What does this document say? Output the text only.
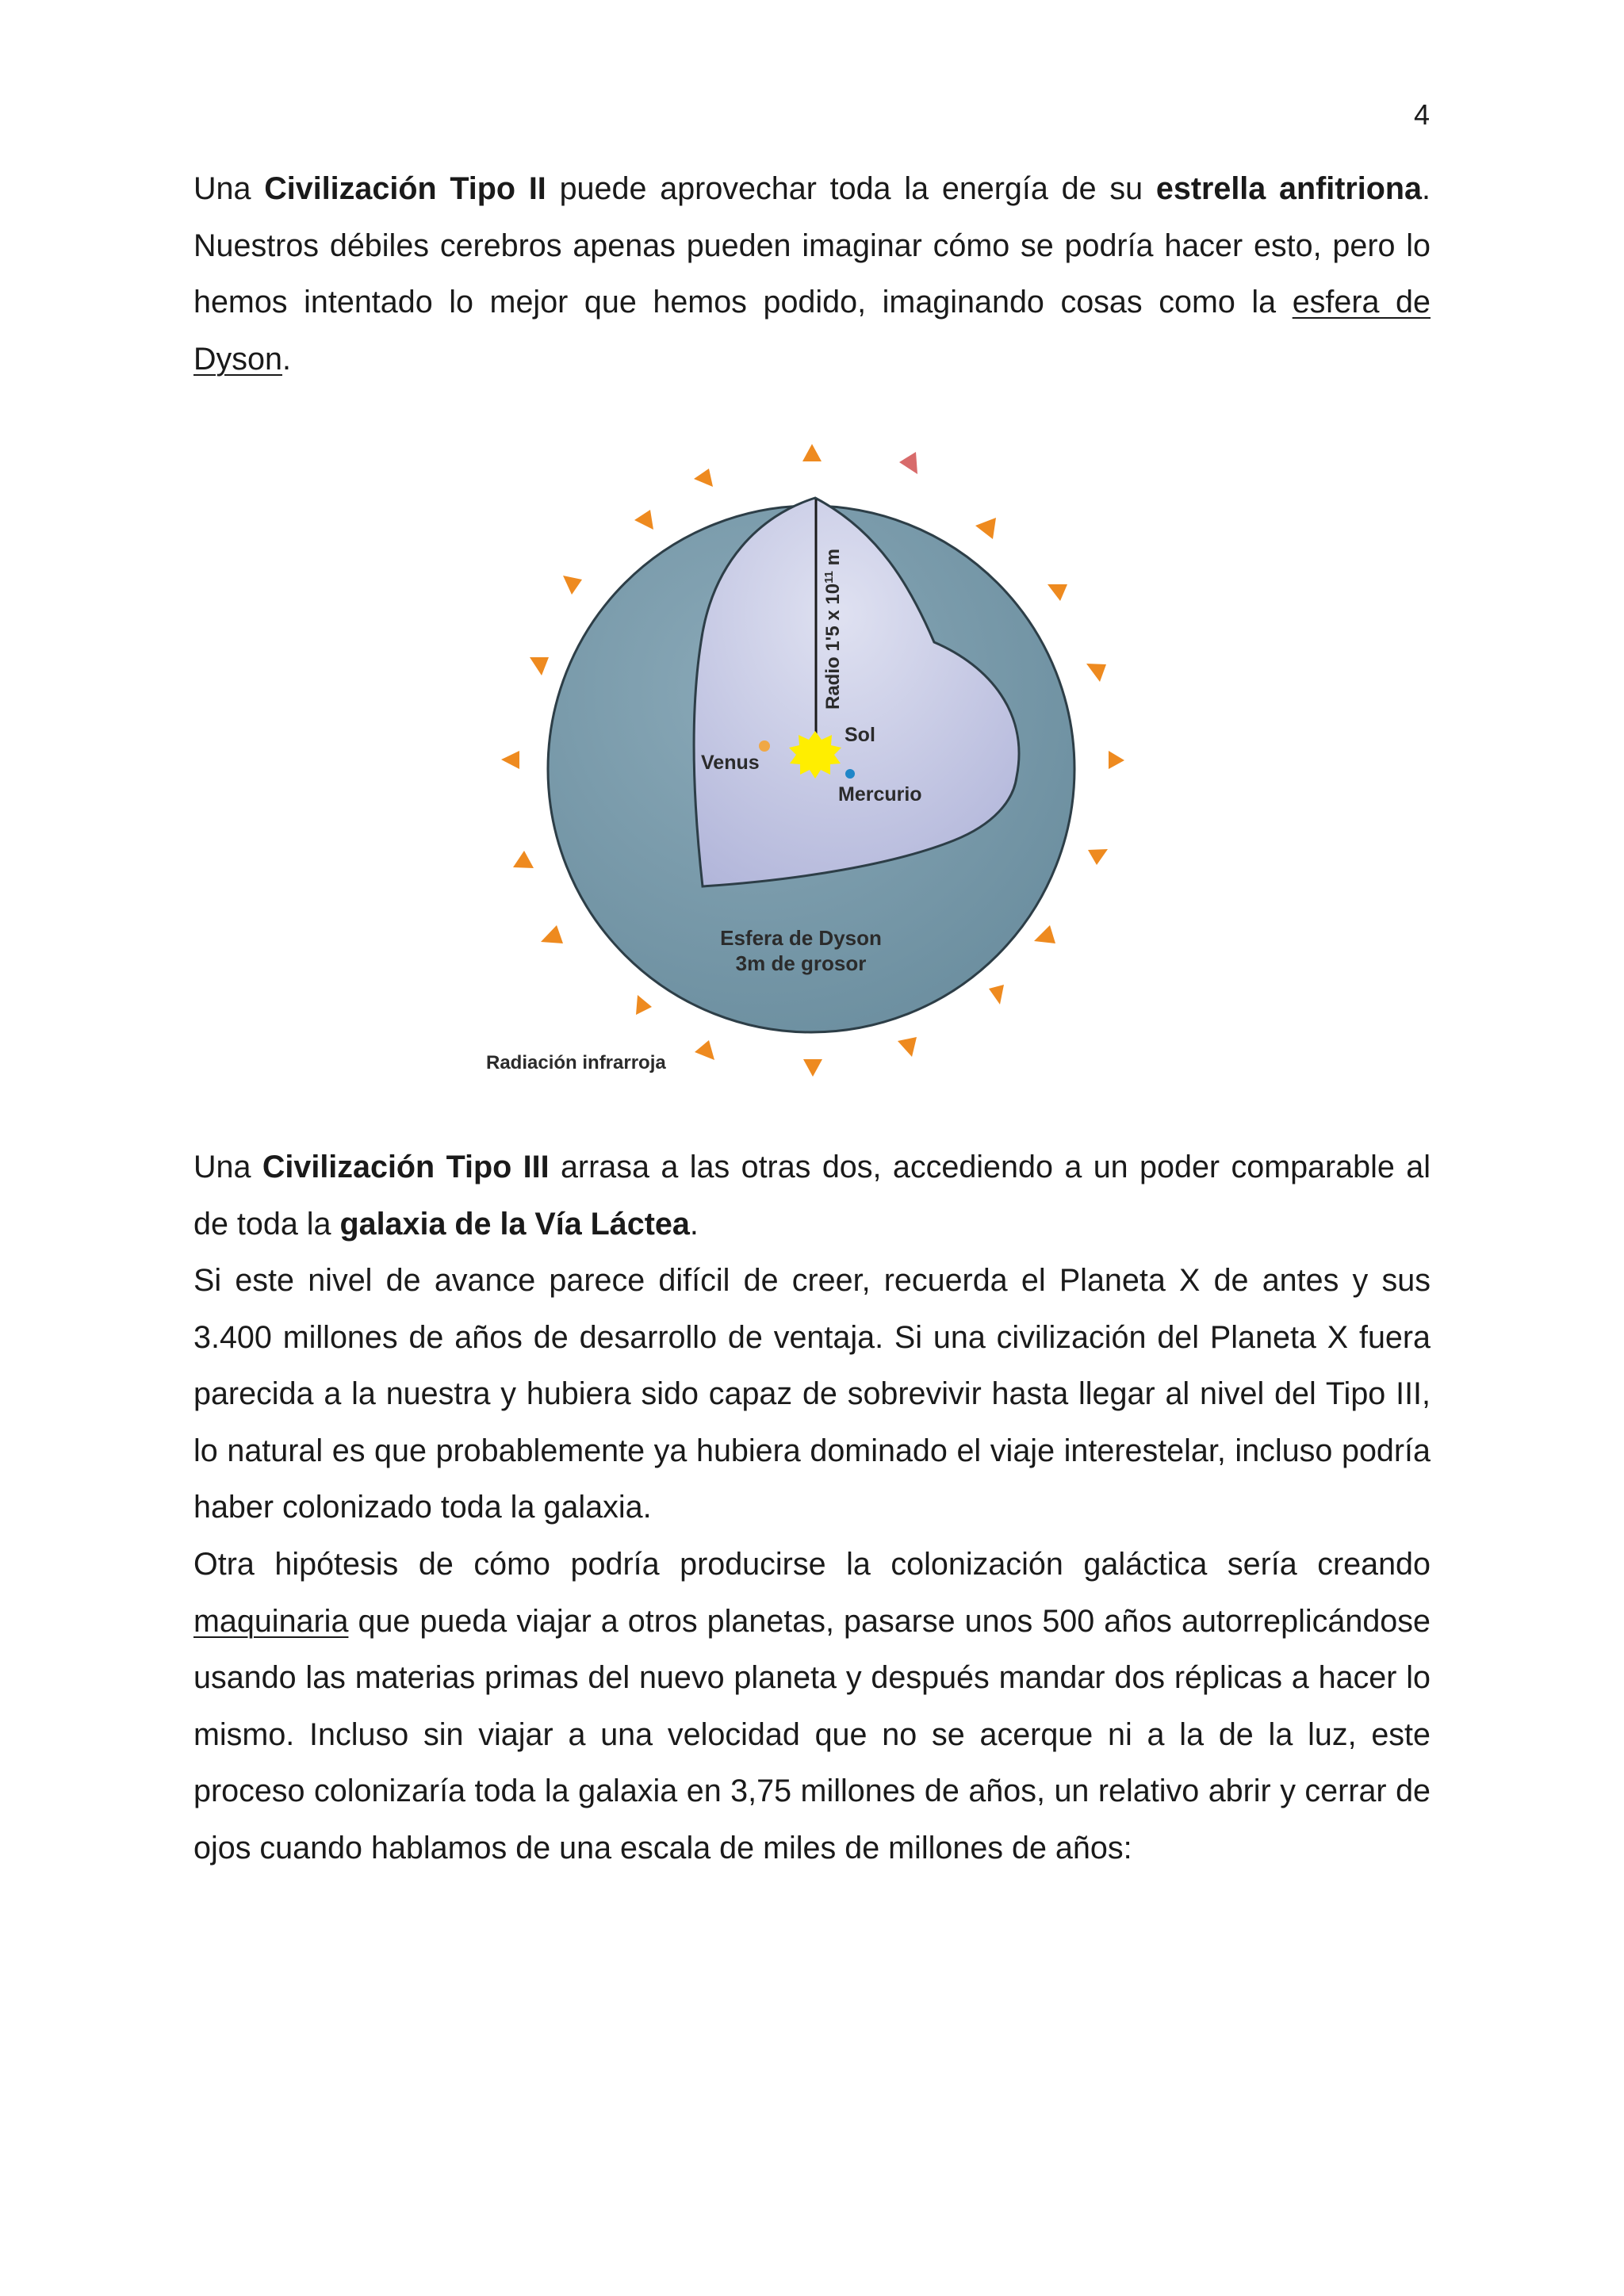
4

Una Civilización Tipo II puede aprovechar toda la energía de su estrella anfitriona. Nuestros débiles cerebros apenas pueden imaginar cómo se podría hacer esto, pero lo hemos intentado lo mejor que hemos podido, imaginando cosas como la esfera de Dyson.

Radio 1'5 x $10^{11}$ m
Sol
Venus
Mercurio
Esfera de Dyson
3m de grosor
Radiación infrarroja

Una Civilización Tipo III arrasa a las otras dos, accediendo a un poder comparable al de toda la galaxia de la Vía Láctea.

Si este nivel de avance parece difícil de creer, recuerda el Planeta X de antes y sus 3.400 millones de años de desarrollo de ventaja. Si una civilización del Planeta X fuera parecida a la nuestra y hubiera sido capaz de sobrevivir hasta llegar al nivel del Tipo III, lo natural es que probablemente ya hubiera dominado el viaje interestelar, incluso podría haber colonizado toda la galaxia.

Otra hipótesis de cómo podría producirse la colonización galáctica sería creando maquinaria que pueda viajar a otros planetas, pasarse unos 500 años autorreplicándose usando las materias primas del nuevo planeta y después mandar dos réplicas a hacer lo mismo. Incluso sin viajar a una velocidad que no se acerque ni a la de la luz, este proceso colonizaría toda la galaxia en 3,75 millones de años, un relativo abrir y cerrar de ojos cuando hablamos de una escala de miles de millones de años:
